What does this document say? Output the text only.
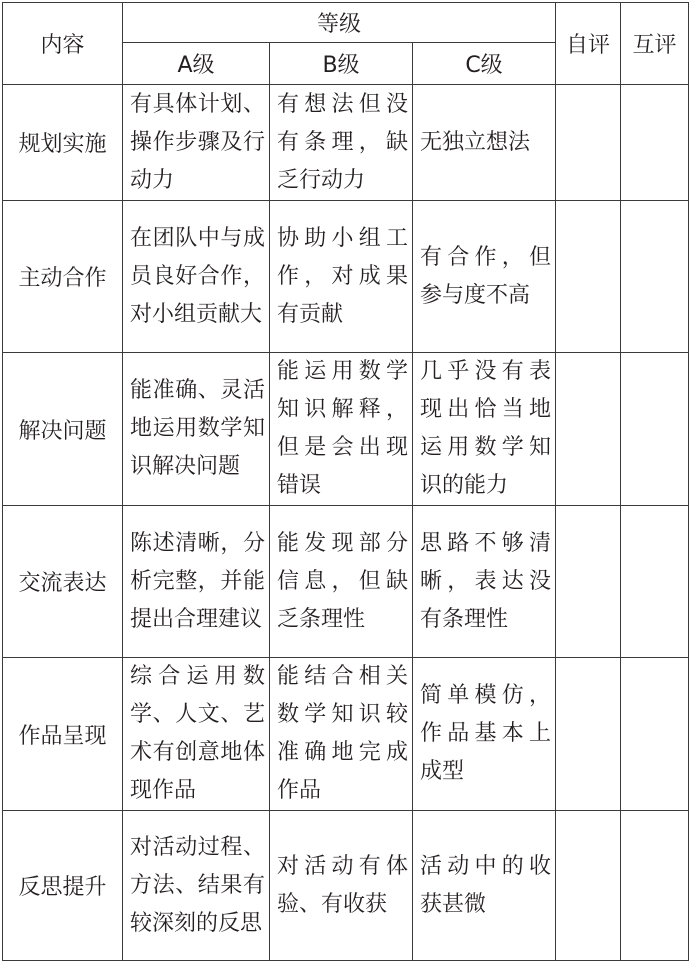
内容	等级			自评	互评
	A级	B级	C级		
规划实施	有具体计划、操作步骤及行动力	有想法但没有条理，缺乏行动力	无独立想法		
主动合作	在团队中与成员良好合作，对小组贡献大	协助小组工作，对成果有贡献	有合作，但参与度不高		
解决问题	能准确、灵活地运用数学知识解决问题	能运用数学知识解释，但是会出现错误	几乎没有表现出恰当地运用数学知识的能力		
交流表达	陈述清晰，分析完整，并能提出合理建议	能发现部分信息，但缺乏条理性	思路不够清晰，表达没有条理性		
作品呈现	综合运用数学、人文、艺术有创意地体现作品	能结合相关数学知识较准确地完成作品	简单模仿，作品基本上成型		
反思提升	对活动过程、方法、结果有较深刻的反思	对活动有体验、有收获	活动中的收获甚微		
